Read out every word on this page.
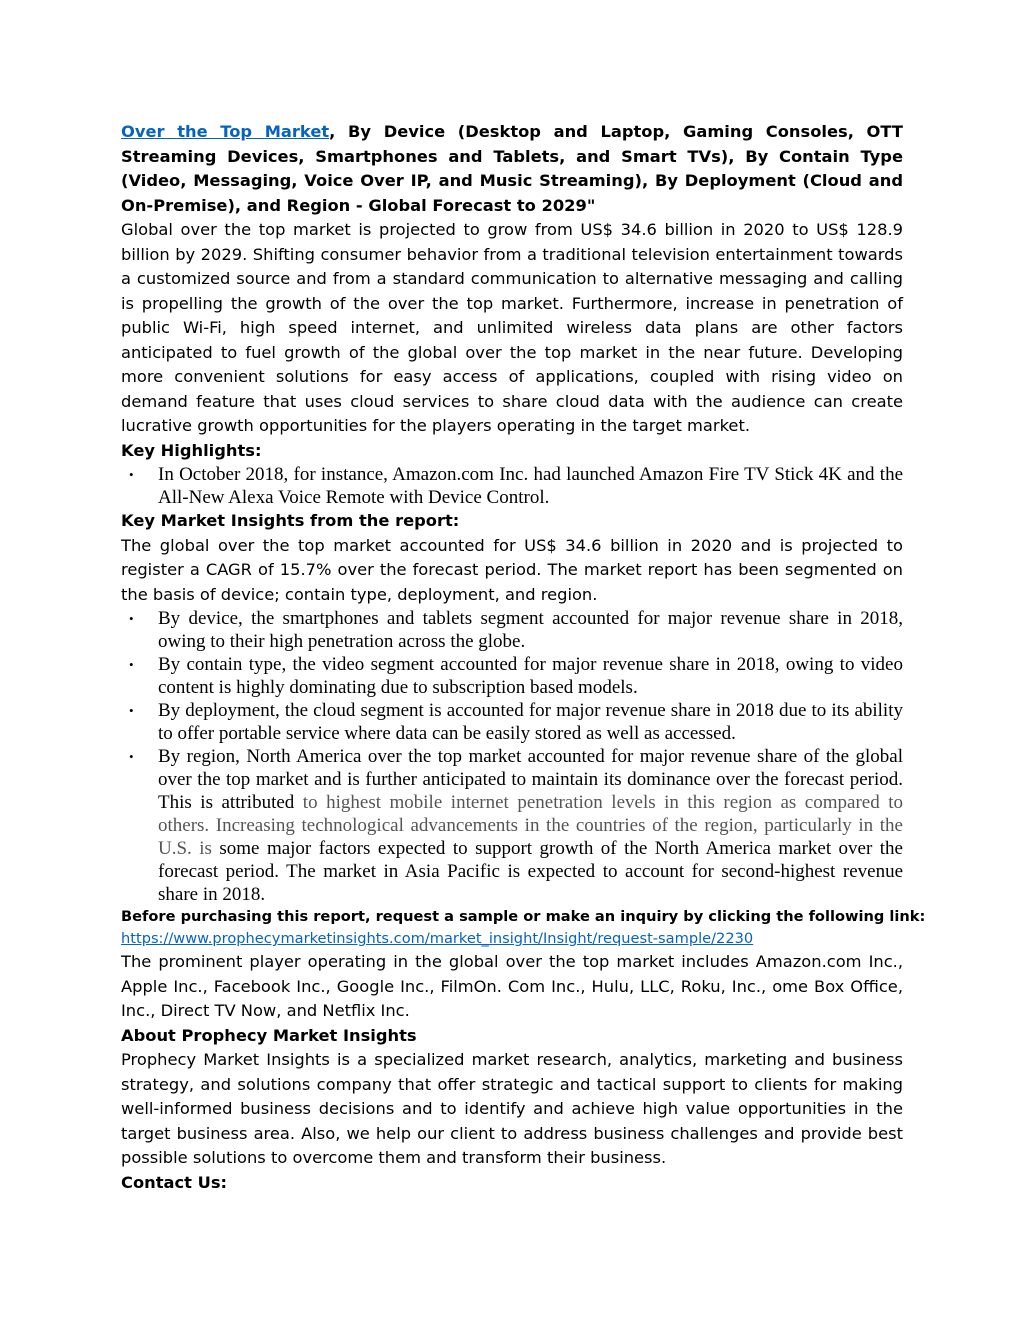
Over the Top Market, By Device (Desktop and Laptop, Gaming Consoles, OTT Streaming Devices, Smartphones and Tablets, and Smart TVs), By Contain Type (Video, Messaging, Voice Over IP, and Music Streaming), By Deployment (Cloud and On-Premise), and Region - Global Forecast to 2029"

Global over the top market is projected to grow from US$ 34.6 billion in 2020 to US$ 128.9 billion by 2029. Shifting consumer behavior from a traditional television entertainment towards a customized source and from a standard communication to alternative messaging and calling is propelling the growth of the over the top market. Furthermore, increase in penetration of public Wi-Fi, high speed internet, and unlimited wireless data plans are other factors anticipated to fuel growth of the global over the top market in the near future. Developing more convenient solutions for easy access of applications, coupled with rising video on demand feature that uses cloud services to share cloud data with the audience can create lucrative growth opportunities for the players operating in the target market.

Key Highlights:

• In October 2018, for instance, Amazon.com Inc. had launched Amazon Fire TV Stick 4K and the All-New Alexa Voice Remote with Device Control.

Key Market Insights from the report:

The global over the top market accounted for US$ 34.6 billion in 2020 and is projected to register a CAGR of 15.7% over the forecast period. The market report has been segmented on the basis of device; contain type, deployment, and region.

• By device, the smartphones and tablets segment accounted for major revenue share in 2018, owing to their high penetration across the globe.
• By contain type, the video segment accounted for major revenue share in 2018, owing to video content is highly dominating due to subscription based models.
• By deployment, the cloud segment is accounted for major revenue share in 2018 due to its ability to offer portable service where data can be easily stored as well as accessed.
• By region, North America over the top market accounted for major revenue share of the global over the top market and is further anticipated to maintain its dominance over the forecast period. This is attributed to highest mobile internet penetration levels in this region as compared to others. Increasing technological advancements in the countries of the region, particularly in the U.S. is some major factors expected to support growth of the North America market over the forecast period. The market in Asia Pacific is expected to account for second-highest revenue share in 2018.

Before purchasing this report, request a sample or make an inquiry by clicking the following link:

https://www.prophecymarketinsights.com/market_insight/Insight/request-sample/2230

The prominent player operating in the global over the top market includes Amazon.com Inc., Apple Inc., Facebook Inc., Google Inc., FilmOn. Com Inc., Hulu, LLC, Roku, Inc., ome Box Office, Inc., Direct TV Now, and Netflix Inc.

About Prophecy Market Insights

Prophecy Market Insights is a specialized market research, analytics, marketing and business strategy, and solutions company that offer strategic and tactical support to clients for making well-informed business decisions and to identify and achieve high value opportunities in the target business area. Also, we help our client to address business challenges and provide best possible solutions to overcome them and transform their business.

Contact Us:
